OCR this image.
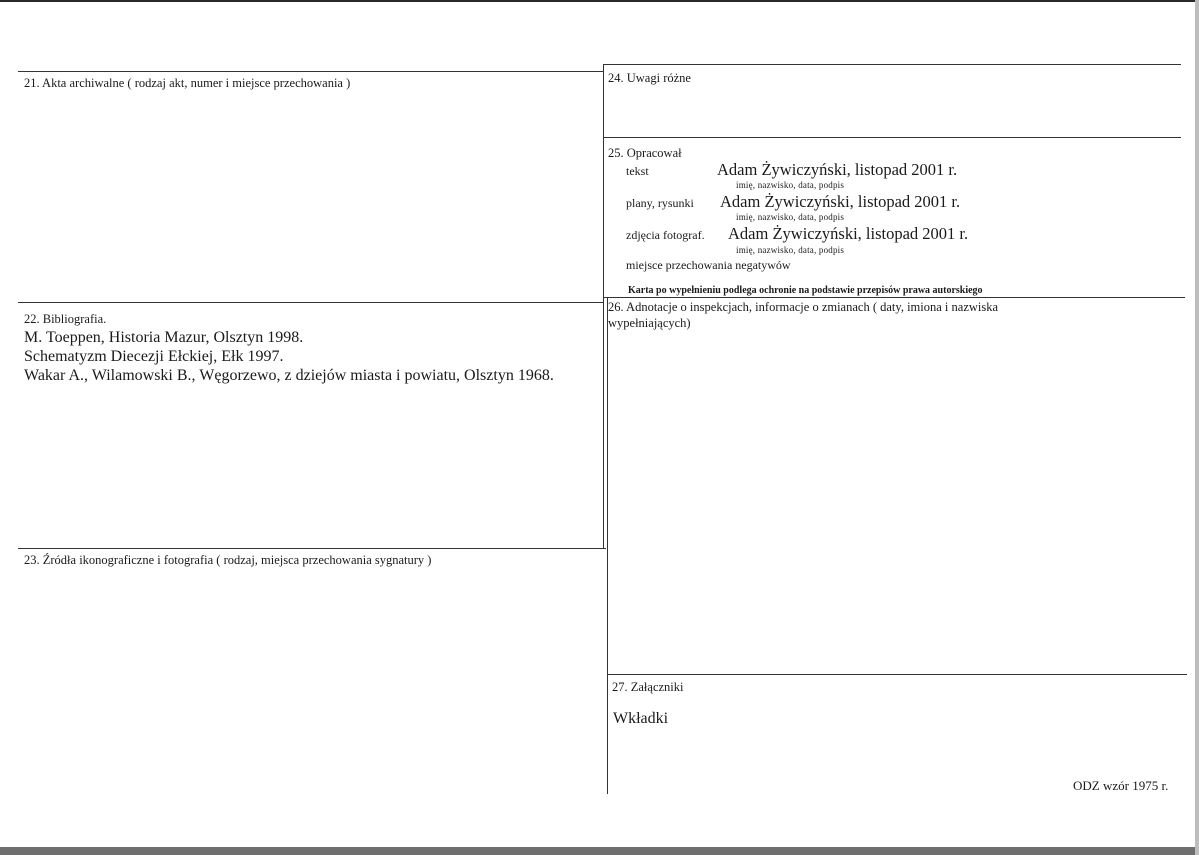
21. Akta archiwalne ( rodzaj akt, numer i miejsce przechowania )
22. Bibliografia.
M. Toeppen, Historia Mazur, Olsztyn 1998.
Schematyzm Diecezji Ełckiej, Ełk 1997.
Wakar A., Wilamowski B., Węgorzewo, z dziejów miasta i powiatu, Olsztyn 1968.
23. Źródła ikonograficzne i fotografia ( rodzaj, miejsca przechowania sygnatury )
24. Uwagi różne
25. Opracował
tekst	Adam Żywiczyński, listopad 2001 r.
imię, nazwisko, data, podpis
plany, rysunki Adam Żywiczyński, listopad 2001 r.
imię, nazwisko, data, podpis
zdjęcia fotograf. Adam Żywiczyński, listopad 2001 r.
imię, nazwisko, data, podpis
miejsce przechowania negatywów
Karta po wypełnieniu podlega ochronie na podstawie przepisów prawa autorskiego
26. Adnotacje o inspekcjach, informacje o zmianach ( daty, imiona i nazwiska
wypełniających)
27. Załączniki
Wkładki
ODZ wzór 1975 r.
